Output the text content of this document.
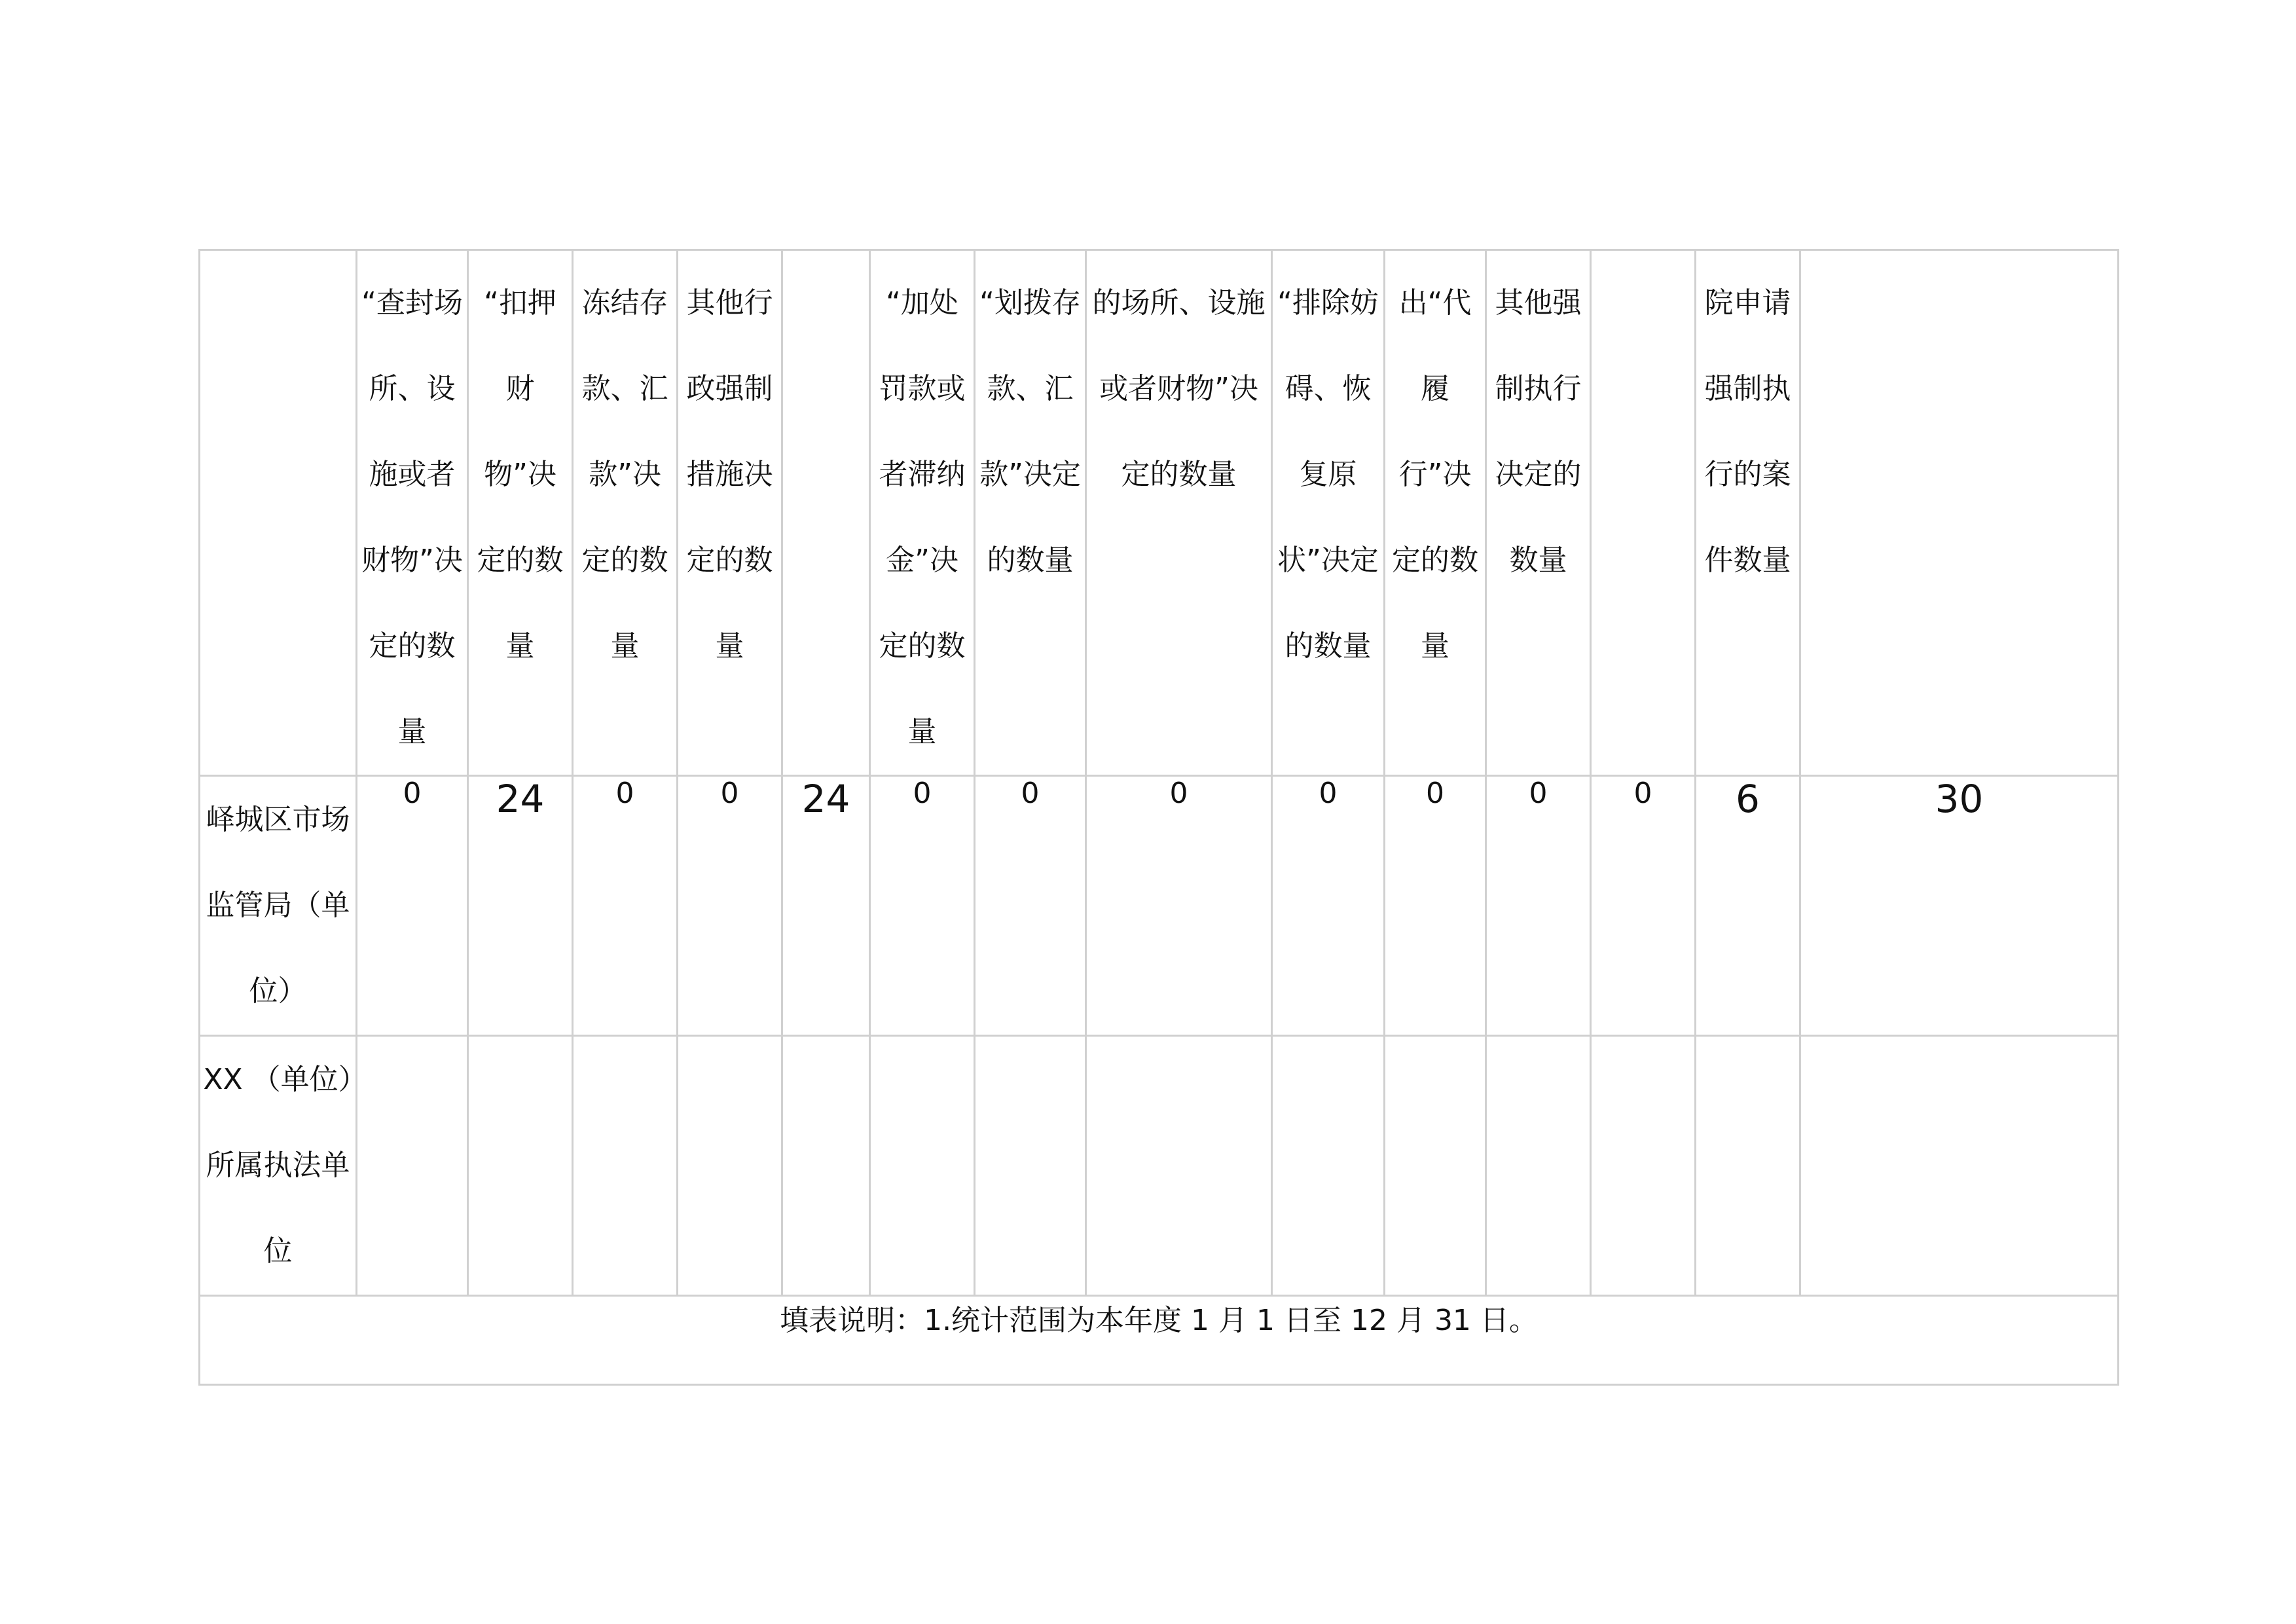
	“查封场所、设施或者财物”决定的数量	“扣押财物”决定的数量	冻结存款、汇款”决定的数量	其他行政强制措施决定的数量		“加处罚款或者滞纳金”决定的数量	“划拨存款、汇款”决定的数量	的场所、设施或者财物”决定的数量	“排除妨碍、恢复原状”决定的数量	出“代履行”决定的数量	其他强制执行决定的数量		院申请强制执行的案件数量	

峄城区市场监管局（单位）	0	24	0	0	24	0	0	0	0	0	0	0	6	30

XX （单位）所属执法单位														

填表说明：1.统计范围为本年度 1 月 1 日至 12 月 31 日。														
